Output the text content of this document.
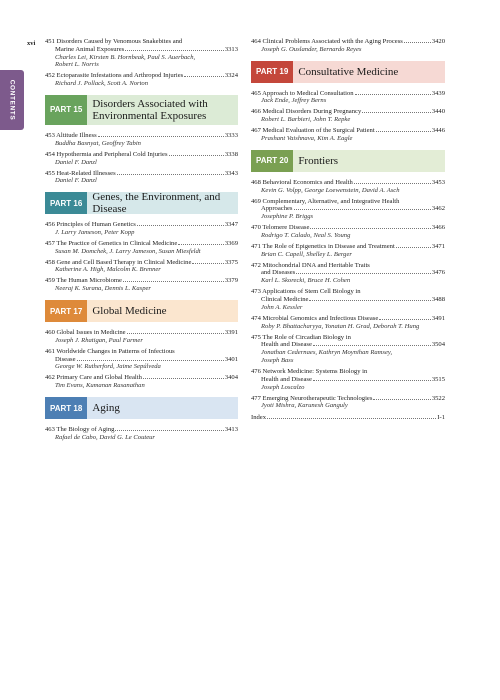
xvi
CONTENTS
451 Disorders Caused by Venomous Snakebites and
Marine Animal Exposures	3313
Charles Lei, Kirsten B. Hornbeak, Paul S. Auerbach,
Robert L. Norris
452 Ectoparasite Infestations and Arthropod Injuries	3324
Richard J. Pollack, Scott A. Norton
PART 15 Disorders Associated with Environmental Exposures
453 Altitude Illness	3333
Buddha Basnyat, Geoffrey Tabin
454 Hypothermia and Peripheral Cold Injuries	3338
Daniel F. Danzl
455 Heat-Related Illnesses	3343
Daniel F. Danzl
PART 16 Genes, the Environment, and Disease
456 Principles of Human Genetics	3347
J. Larry Jameson, Peter Kopp
457 The Practice of Genetics in Clinical Medicine	3369
Susan M. Domchek, J. Larry Jameson, Susan Miesfeldt
458 Gene and Cell Based Therapy in Clinical Medicine	3375
Katherine A. High, Malcolm K. Brenner
459 The Human Microbiome	3379
Neeraj K. Surana, Dennis L. Kasper
PART 17 Global Medicine
460 Global Issues in Medicine	3391
Joseph J. Rhatigan, Paul Farmer
461 Worldwide Changes in Patterns of Infectious
Disease	3401
George W. Rutherford, Jaime Sepúlveda
462 Primary Care and Global Health	3404
Tim Evans, Kumanan Rasanathan
PART 18 Aging
463 The Biology of Aging	3413
Rafael de Cabo, David G. Le Couteur
464 Clinical Problems Associated with the Aging Process	3420
Joseph G. Ouslander, Bernardo Reyes
PART 19 Consultative Medicine
465 Approach to Medical Consultation	3439
Jack Ende, Jeffrey Berns
466 Medical Disorders During Pregnancy	3440
Robert L. Barbieri, John T. Repke
467 Medical Evaluation of the Surgical Patient	3446
Prashant Vaishnava, Kim A. Eagle
PART 20 Frontiers
468 Behavioral Economics and Health	3453
Kevin G. Volpp, George Loewenstein, David A. Asch
469 Complementary, Alternative, and Integrative Health
Approaches	3462
Josephine P. Briggs
470 Telomere Disease	3466
Rodrigo T. Calado, Neal S. Young
471 The Role of Epigenetics in Disease and Treatment	3471
Brian C. Capell, Shelley L. Berger
472 Mitochondrial DNA and Heritable Traits
and Diseases	3476
Karl L. Skorecki, Bruce H. Cohen
473 Applications of Stem Cell Biology in
Clinical Medicine	3488
John A. Kessler
474 Microbial Genomics and Infectious Disease	3491
Roby P. Bhattacharyya, Yonatan H. Grad, Deborah T. Hung
475 The Role of Circadian Biology in
Health and Disease	3504
Jonathan Cedernaes, Kathryn Moynihan Ramsey,
Joseph Bass
476 Network Medicine: Systems Biology in
Health and Disease	3515
Joseph Loscalzo
477 Emerging Neurotherapeutic Technologies	3522
Jyoti Mishra, Karunesh Ganguly
Index	I-1
